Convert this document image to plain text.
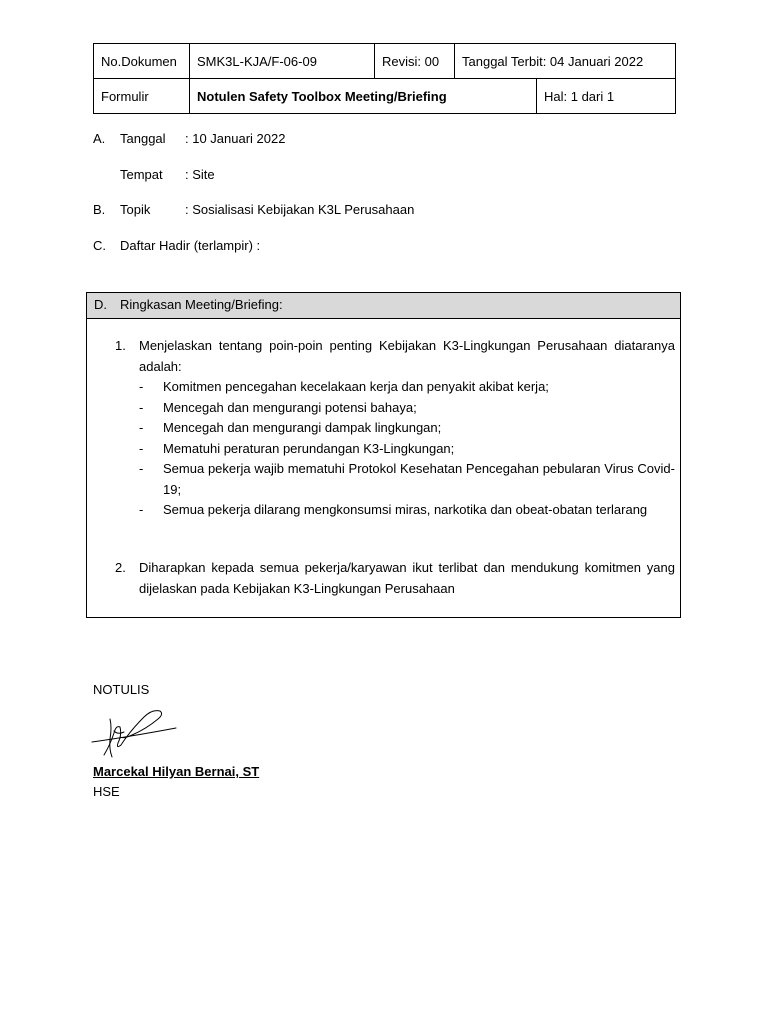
No.Dokumen	SMK3L-KJA/F-06-09	Revisi: 00	Tanggal Terbit: 04 Januari 2022	
Formulir	Notulen Safety Toolbox Meeting/Briefing			Hal: 1 dari 1
A. Tanggal : 10 Januari 2022
Tempat : Site
B. Topik	: Sosialisasi Kebijakan K3L Perusahaan
C. Daftar Hadir (terlampir) :
D. Ringkasan Meeting/Briefing:
1. Menjelaskan tentang poin-poin penting Kebijakan K3-Lingkungan Perusahaan diataranya adalah:
- Komitmen pencegahan kecelakaan kerja dan penyakit akibat kerja;
- Mencegah dan mengurangi potensi bahaya;
- Mencegah dan mengurangi dampak lingkungan;
- Mematuhi peraturan perundangan K3-Lingkungan;
- Semua pekerja wajib mematuhi Protokol Kesehatan Pencegahan pebularan Virus Covid-19;
- Semua pekerja dilarang mengkonsumsi miras, narkotika dan obeat-obatan terlarang
2. Diharapkan kepada semua pekerja/karyawan ikut terlibat dan mendukung komitmen yang dijelaskan pada Kebijakan K3-Lingkungan Perusahaan
NOTULIS
Marcekal Hilyan Bernai, ST
HSE
